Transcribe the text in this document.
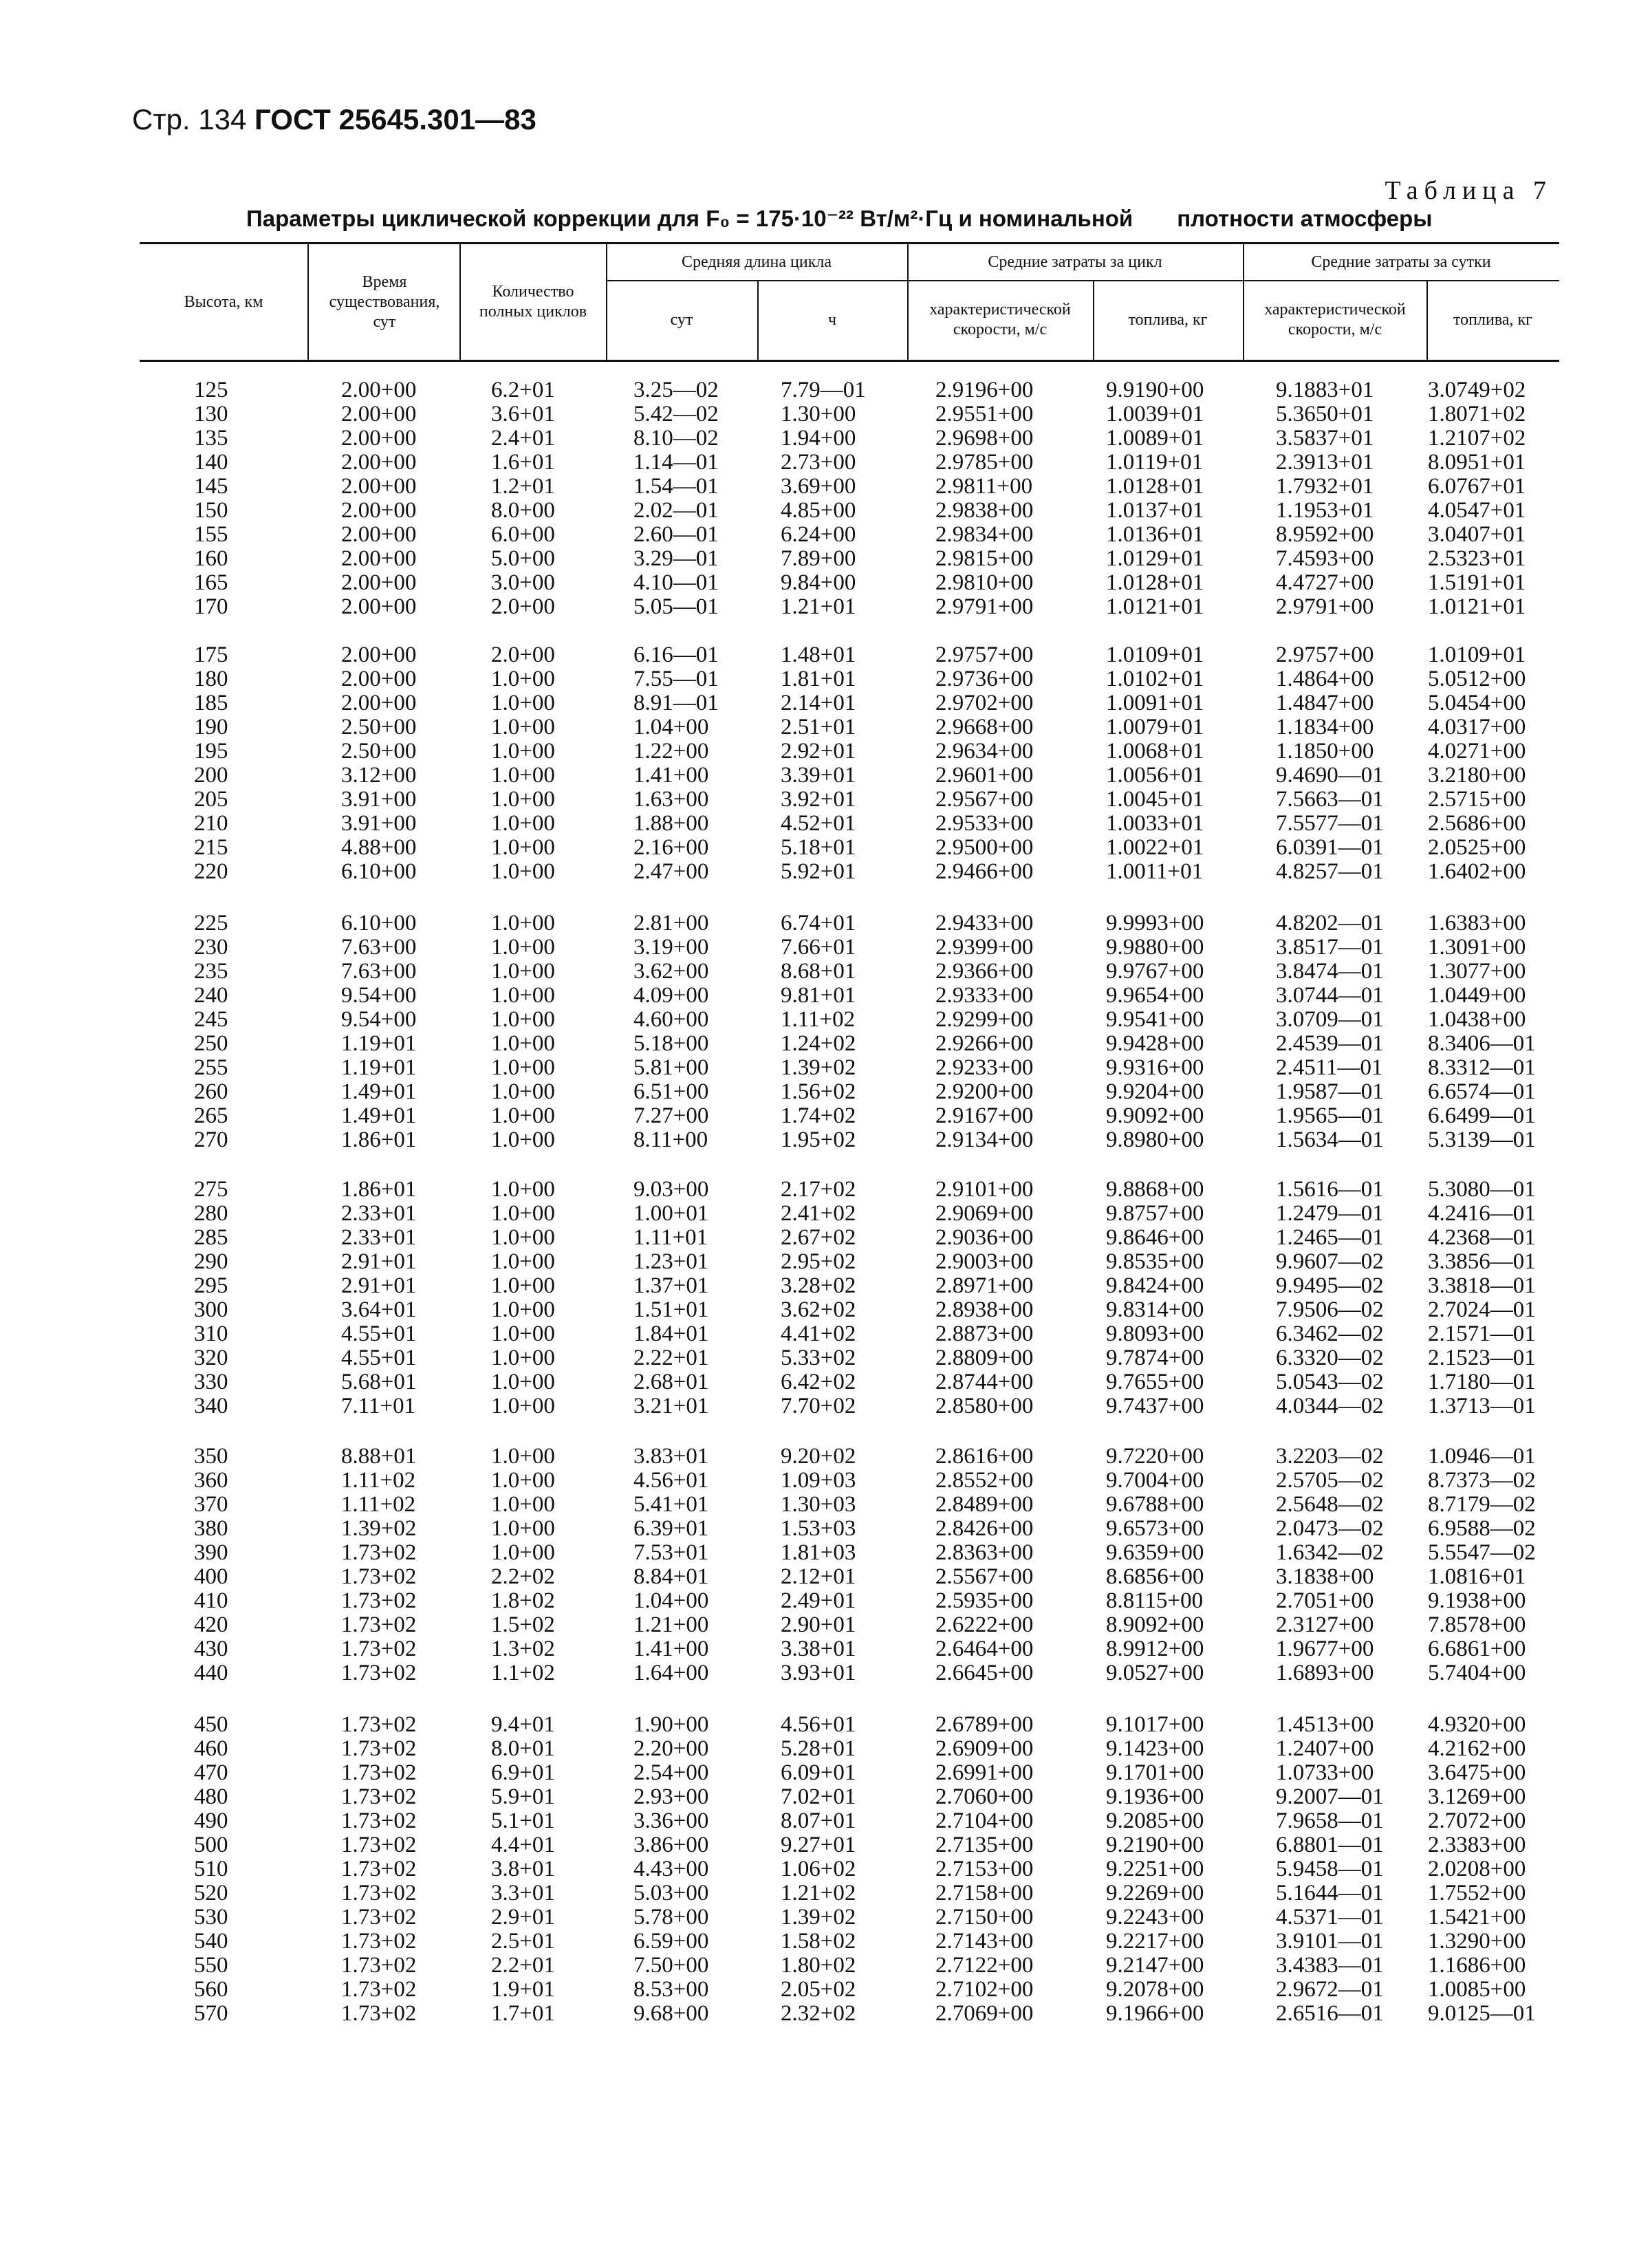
Стр. 134 ГОСТ 25645.301—83
Таблица 7
Параметры циклической коррекции для F₀ = 175·10⁻²² Вт/м²·Гц и номинальной плотности атмосферы
Высота, км
Время существования, сут
Количество полных циклов
Средняя длина цикла
сут	ч
Средние затраты за цикл
характеристической скорости, м/с
топлива, кг
Средние затраты за сутки
характеристической скорости, м/с
топлива, кг
125	2.00+00	6.2+01	3.25—02	7.79—01	2.9196+00	9.9190+00	9.1883+01 3.0749+02
130	2.00+00	3.6+01	5.42—02	1.30+00	2.9551+00	1.0039+01	5.3650+01 1.8071+02
135	2.00+00	2.4+01	8.10—02	1.94+00	2.9698+00	1.0089+01	3.5837+01 1.2107+02
140	2.00+00	1.6+01	1.14—01	2.73+00	2.9785+00	1.0119+01	2.3913+01 8.0951+01
145	2.00+00	1.2+01	1.54—01	3.69+00	2.9811+00	1.0128+01	1.7932+01 6.0767+01
150	2.00+00	8.0+00	2.02—01	4.85+00	2.9838+00	1.0137+01	1.1953+01 4.0547+01
155	2.00+00	6.0+00	2.60—01	6.24+00	2.9834+00	1.0136+01	8.9592+00 3.0407+01
160	2.00+00	5.0+00	3.29—01	7.89+00	2.9815+00	1.0129+01	7.4593+00 2.5323+01
165	2.00+00	3.0+00	4.10—01	9.84+00	2.9810+00	1.0128+01	4.4727+00 1.5191+01
170	2.00+00	2.0+00	5.05—01	1.21+01	2.9791+00	1.0121+01	2.9791+00 1.0121+01
175	2.00+00	2.0+00	6.16—01	1.48+01	2.9757+00	1.0109+01	2.9757+00 1.0109+01
180	2.00+00	1.0+00	7.55—01	1.81+01	2.9736+00	1.0102+01	1.4864+00 5.0512+00
185	2.00+00	1.0+00	8.91—01	2.14+01	2.9702+00	1.0091+01	1.4847+00 5.0454+00
190	2.50+00	1.0+00	1.04+00	2.51+01	2.9668+00	1.0079+01	1.1834+00 4.0317+00
195	2.50+00	1.0+00	1.22+00	2.92+01	2.9634+00	1.0068+01	1.1850+00 4.0271+00
200	3.12+00	1.0+00	1.41+00	3.39+01	2.9601+00	1.0056+01	9.4690—01 3.2180+00
205	3.91+00	1.0+00	1.63+00	3.92+01	2.9567+00	1.0045+01	7.5663—01 2.5715+00
210	3.91+00	1.0+00	1.88+00	4.52+01	2.9533+00	1.0033+01	7.5577—01 2.5686+00
215	4.88+00	1.0+00	2.16+00	5.18+01	2.9500+00	1.0022+01	6.0391—01 2.0525+00
220	6.10+00	1.0+00	2.47+00	5.92+01	2.9466+00	1.0011+01	4.8257—01 1.6402+00
225	6.10+00	1.0+00	2.81+00	6.74+01	2.9433+00	9.9993+00	4.8202—01 1.6383+00
230	7.63+00	1.0+00	3.19+00	7.66+01	2.9399+00	9.9880+00	3.8517—01 1.3091+00
235	7.63+00	1.0+00	3.62+00	8.68+01	2.9366+00	9.9767+00	3.8474—01 1.3077+00
240	9.54+00	1.0+00	4.09+00	9.81+01	2.9333+00	9.9654+00	3.0744—01 1.0449+00
245	9.54+00	1.0+00	4.60+00	1.11+02	2.9299+00	9.9541+00	3.0709—01 1.0438+00
250	1.19+01	1.0+00	5.18+00	1.24+02	2.9266+00	9.9428+00	2.4539—01 8.3406—01
255	1.19+01	1.0+00	5.81+00	1.39+02	2.9233+00	9.9316+00	2.4511—01 8.3312—01
260	1.49+01	1.0+00	6.51+00	1.56+02	2.9200+00	9.9204+00	1.9587—01 6.6574—01
265	1.49+01	1.0+00	7.27+00	1.74+02	2.9167+00	9.9092+00	1.9565—01 6.6499—01
270	1.86+01	1.0+00	8.11+00	1.95+02	2.9134+00	9.8980+00	1.5634—01 5.3139—01
275	1.86+01	1.0+00	9.03+00	2.17+02	2.9101+00	9.8868+00	1.5616—01 5.3080—01
280	2.33+01	1.0+00	1.00+01	2.41+02	2.9069+00	9.8757+00	1.2479—01 4.2416—01
285	2.33+01	1.0+00	1.11+01	2.67+02	2.9036+00	9.8646+00	1.2465—01 4.2368—01
290	2.91+01	1.0+00	1.23+01	2.95+02	2.9003+00	9.8535+00	9.9607—02 3.3856—01
295	2.91+01	1.0+00	1.37+01	3.28+02	2.8971+00	9.8424+00	9.9495—02 3.3818—01
300	3.64+01	1.0+00	1.51+01	3.62+02	2.8938+00	9.8314+00	7.9506—02 2.7024—01
310	4.55+01	1.0+00	1.84+01	4.41+02	2.8873+00	9.8093+00	6.3462—02 2.1571—01
320	4.55+01	1.0+00	2.22+01	5.33+02	2.8809+00	9.7874+00	6.3320—02 2.1523—01
330	5.68+01	1.0+00	2.68+01	6.42+02	2.8744+00	9.7655+00	5.0543—02 1.7180—01
340	7.11+01	1.0+00	3.21+01	7.70+02	2.8580+00	9.7437+00	4.0344—02 1.3713—01
350	8.88+01	1.0+00	3.83+01	9.20+02	2.8616+00	9.7220+00	3.2203—02 1.0946—01
360	1.11+02	1.0+00	4.56+01	1.09+03	2.8552+00	9.7004+00	2.5705—02 8.7373—02
370	1.11+02	1.0+00	5.41+01	1.30+03	2.8489+00	9.6788+00	2.5648—02 8.7179—02
380	1.39+02	1.0+00	6.39+01	1.53+03	2.8426+00	9.6573+00	2.0473—02 6.9588—02
390	1.73+02	1.0+00	7.53+01	1.81+03	2.8363+00	9.6359+00	1.6342—02 5.5547—02
400	1.73+02	2.2+02	8.84+01	2.12+01	2.5567+00	8.6856+00	3.1838+00 1.0816+01
410	1.73+02	1.8+02	1.04+00	2.49+01	2.5935+00	8.8115+00	2.7051+00 9.1938+00
420	1.73+02	1.5+02	1.21+00	2.90+01	2.6222+00	8.9092+00	2.3127+00 7.8578+00
430	1.73+02	1.3+02	1.41+00	3.38+01	2.6464+00	8.9912+00	1.9677+00 6.6861+00
440	1.73+02	1.1+02	1.64+00	3.93+01	2.6645+00	9.0527+00	1.6893+00 5.7404+00
450	1.73+02	9.4+01	1.90+00	4.56+01	2.6789+00	9.1017+00	1.4513+00 4.9320+00
460	1.73+02	8.0+01	2.20+00	5.28+01	2.6909+00	9.1423+00	1.2407+00 4.2162+00
470	1.73+02	6.9+01	2.54+00	6.09+01	2.6991+00	9.1701+00	1.0733+00 3.6475+00
480	1.73+02	5.9+01	2.93+00	7.02+01	2.7060+00	9.1936+00	9.2007—01 3.1269+00
490	1.73+02	5.1+01	3.36+00	8.07+01	2.7104+00	9.2085+00	7.9658—01 2.7072+00
500	1.73+02	4.4+01	3.86+00	9.27+01	2.7135+00	9.2190+00	6.8801—01 2.3383+00
510	1.73+02	3.8+01	4.43+00	1.06+02	2.7153+00	9.2251+00	5.9458—01 2.0208+00
520	1.73+02	3.3+01	5.03+00	1.21+02	2.7158+00	9.2269+00	5.1644—01 1.7552+00
530	1.73+02	2.9+01	5.78+00	1.39+02	2.7150+00	9.2243+00	4.5371—01 1.5421+00
540	1.73+02	2.5+01	6.59+00	1.58+02	2.7143+00	9.2217+00	3.9101—01 1.3290+00
550	1.73+02	2.2+01	7.50+00	1.80+02	2.7122+00	9.2147+00	3.4383—01 1.1686+00
560	1.73+02	1.9+01	8.53+00	2.05+02	2.7102+00	9.2078+00	2.9672—01 1.0085+00
570	1.73+02	1.7+01	9.68+00	2.32+02	2.7069+00	9.1966+00	2.6516—01 9.0125—01
